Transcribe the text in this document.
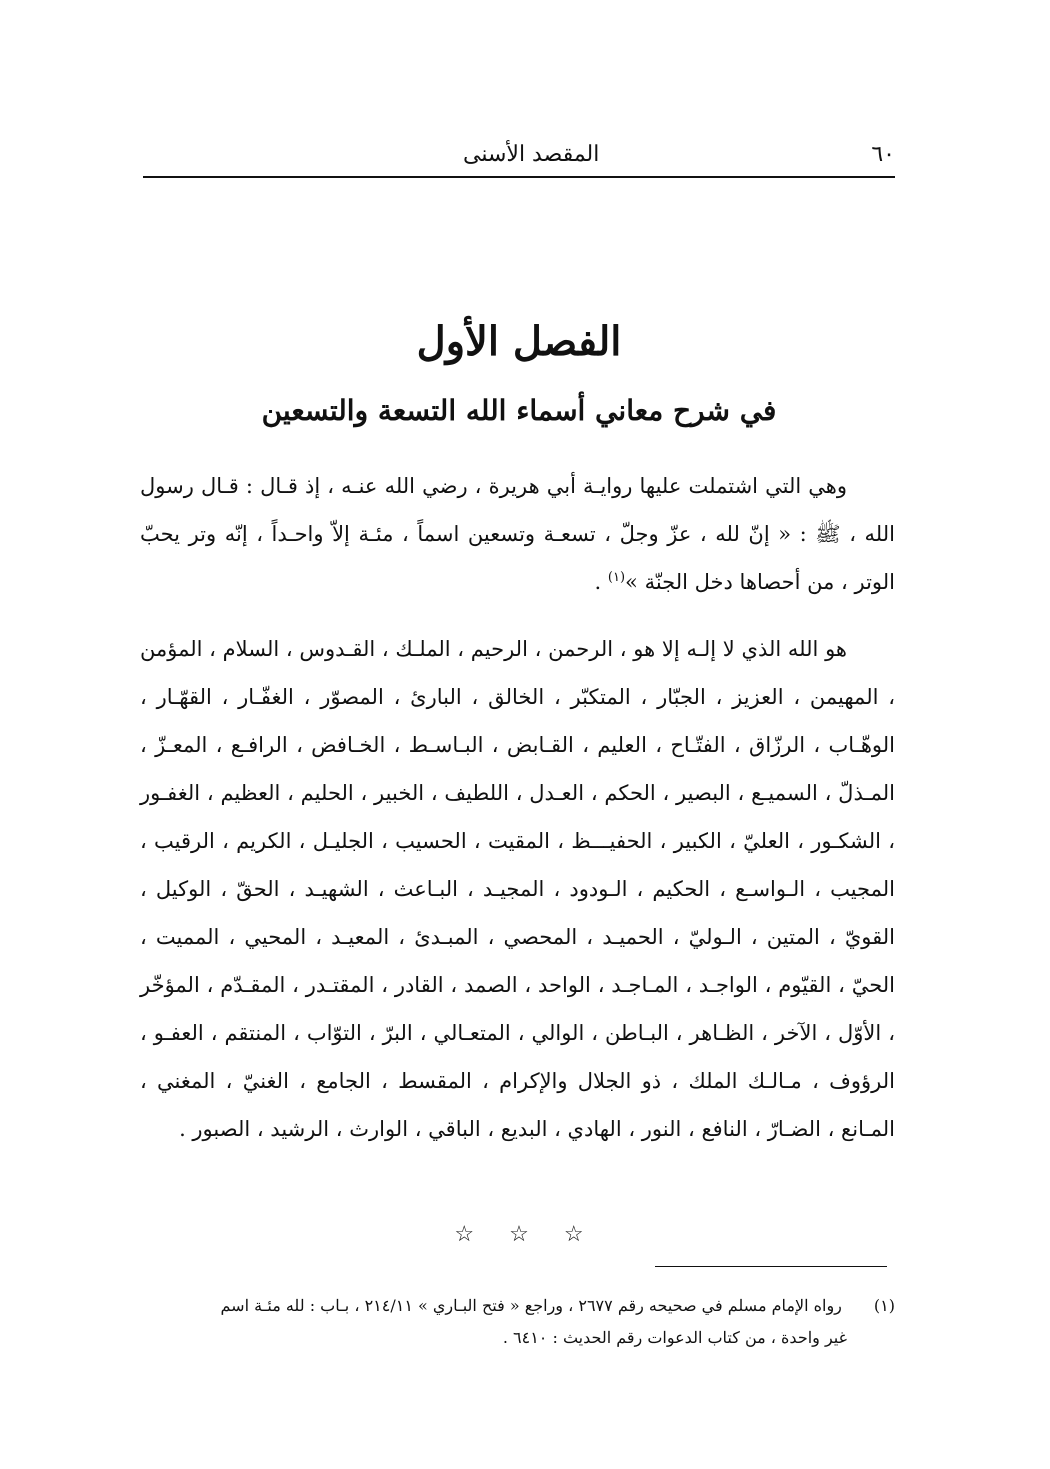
٦٠
المقصد الأسنى
الفصل الأول
في شرح معاني أسماء الله التسعة والتسعين
وهي التي اشتملت عليها روايـة أبي هريرة ، رضي الله عنـه ، إذ قـال : قـال رسول الله ، ﷺ : « إنّ لله ، عزّ وجلّ ، تسعـة وتسعين اسماً ، مئـة إلاّ واحـداً ، إنّه وتر يحبّ الوتر ، من أحصاها دخل الجنّة »$^{(١)}$ .
هو الله الذي لا إلـه إلا هو ، الرحمن ، الرحيم ، الملـك ، القـدوس ، السلام ، المؤمن ، المهيمن ، العزيز ، الجبّار ، المتكبّر ، الخالق ، البارئ ، المصوّر ، الغفّـار ، القهّـار ، الوهّـاب ، الرزّاق ، الفتّـاح ، العليم ، القـابض ، البـاسـط ، الخـافض ، الرافـع ، المعـزّ ، المـذلّ ، السميـع ، البصير ، الحكم ، العـدل ، اللطيف ، الخبير ، الحليم ، العظيم ، الغفـور ، الشكـور ، العليّ ، الكبير ، الحفيـــظ ، المقيت ، الحسيب ، الجليـل ، الكريم ، الرقيب ، المجيب ، الـواسـع ، الحكيم ، الـودود ، المجيـد ، البـاعث ، الشهيـد ، الحقّ ، الوكيل ، القويّ ، المتين ، الـوليّ ، الحميـد ، المحصي ، المبـدئ ، المعيـد ، المحيي ، المميت ، الحيّ ، القيّوم ، الواجـد ، المـاجـد ، الواحد ، الصمد ، القادر ، المقتـدر ، المقـدّم ، المؤخّر ، الأوّل ، الآخر ، الظـاهر ، البـاطن ، الوالي ، المتعـالي ، البرّ ، التوّاب ، المنتقم ، العفـو ، الرؤوف ، مـالـك الملك ، ذو الجلال والإكرام ، المقسط ، الجامع ، الغنيّ ، المغني ، المـانع ، الضـارّ ، النافع ، النور ، الهادي ، البديع ، الباقي ، الوارث ، الرشيد ، الصبور .
☆ ☆ ☆
(١) رواه الإمام مسلم في صحيحه رقم ٢٦٧٧ ، وراجع « فتح البـاري » ٢١٤/١١ ، بـاب : لله مئـة اسم
غير واحدة ، من كتاب الدعوات رقم الحديث : ٦٤١٠ .
